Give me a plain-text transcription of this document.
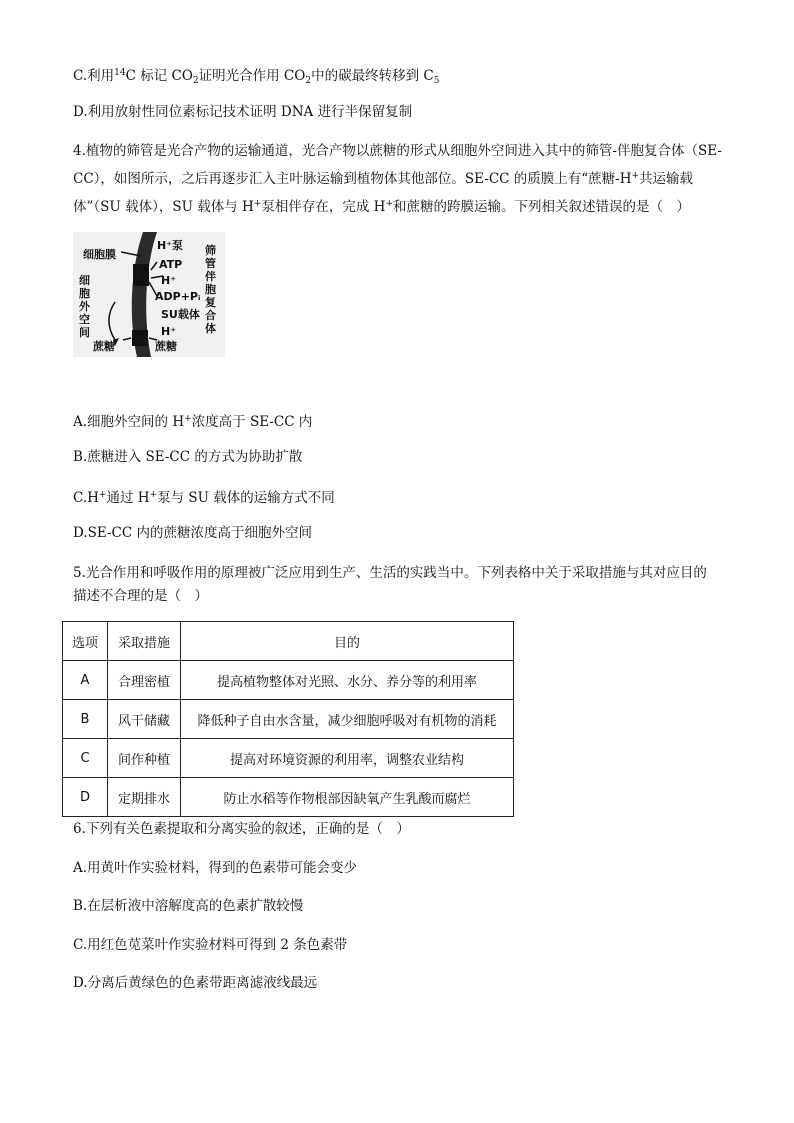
C.利用$^{14}$C 标记 $CO_2$证明光合作用 $CO_2$中的碳最终转移到 $C_5$
D.利用放射性同位素标记技术证明 DNA 进行半保留复制
4.植物的筛管是光合产物的运输通道，光合产物以蔗糖的形式从细胞外空间进入其中的筛管-伴胞复合体（SE-CC），如图所示，之后再逐步汇入主叶脉运输到植物体其他部位。SE-CC 的质膜上有“蔗糖-H+共运输载体”（SU 载体），SU 载体与 H+泵相伴存在，完成 H+和蔗糖的跨膜运输。下列相关叙述错误的是（　）
细胞膜
H⁺泵
ATP
H⁺
ADP+Pᵢ
SU载体
H⁺
蔗糖	蔗糖
细
胞
外
空
间
筛
管
伴
胞
复
合
体
A.细胞外空间的 H+浓度高于 SE-CC 内
B.蔗糖进入 SE-CC 的方式为协助扩散
C.H+通过 H+泵与 SU 载体的运输方式不同
D.SE-CC 内的蔗糖浓度高于细胞外空间
5.光合作用和呼吸作用的原理被广泛应用到生产、生活的实践当中。下列表格中关于采取措施与其对应目的
描述不合理的是（　）
选项	采取措施	目的
A	合理密植	提高植物整体对光照、水分、养分等的利用率
B	风干储藏	降低种子自由水含量，减少细胞呼吸对有机物的消耗
C	间作种植	提高对环境资源的利用率，调整农业结构
D	定期排水	防止水稻等作物根部因缺氧产生乳酸而腐烂
6.下列有关色素提取和分离实验的叙述，正确的是（　）
A.用黄叶作实验材料，得到的色素带可能会变少
B.在层析液中溶解度高的色素扩散较慢
C.用红色苋菜叶作实验材料可得到 2 条色素带
D.分离后黄绿色的色素带距离滤液线最远
